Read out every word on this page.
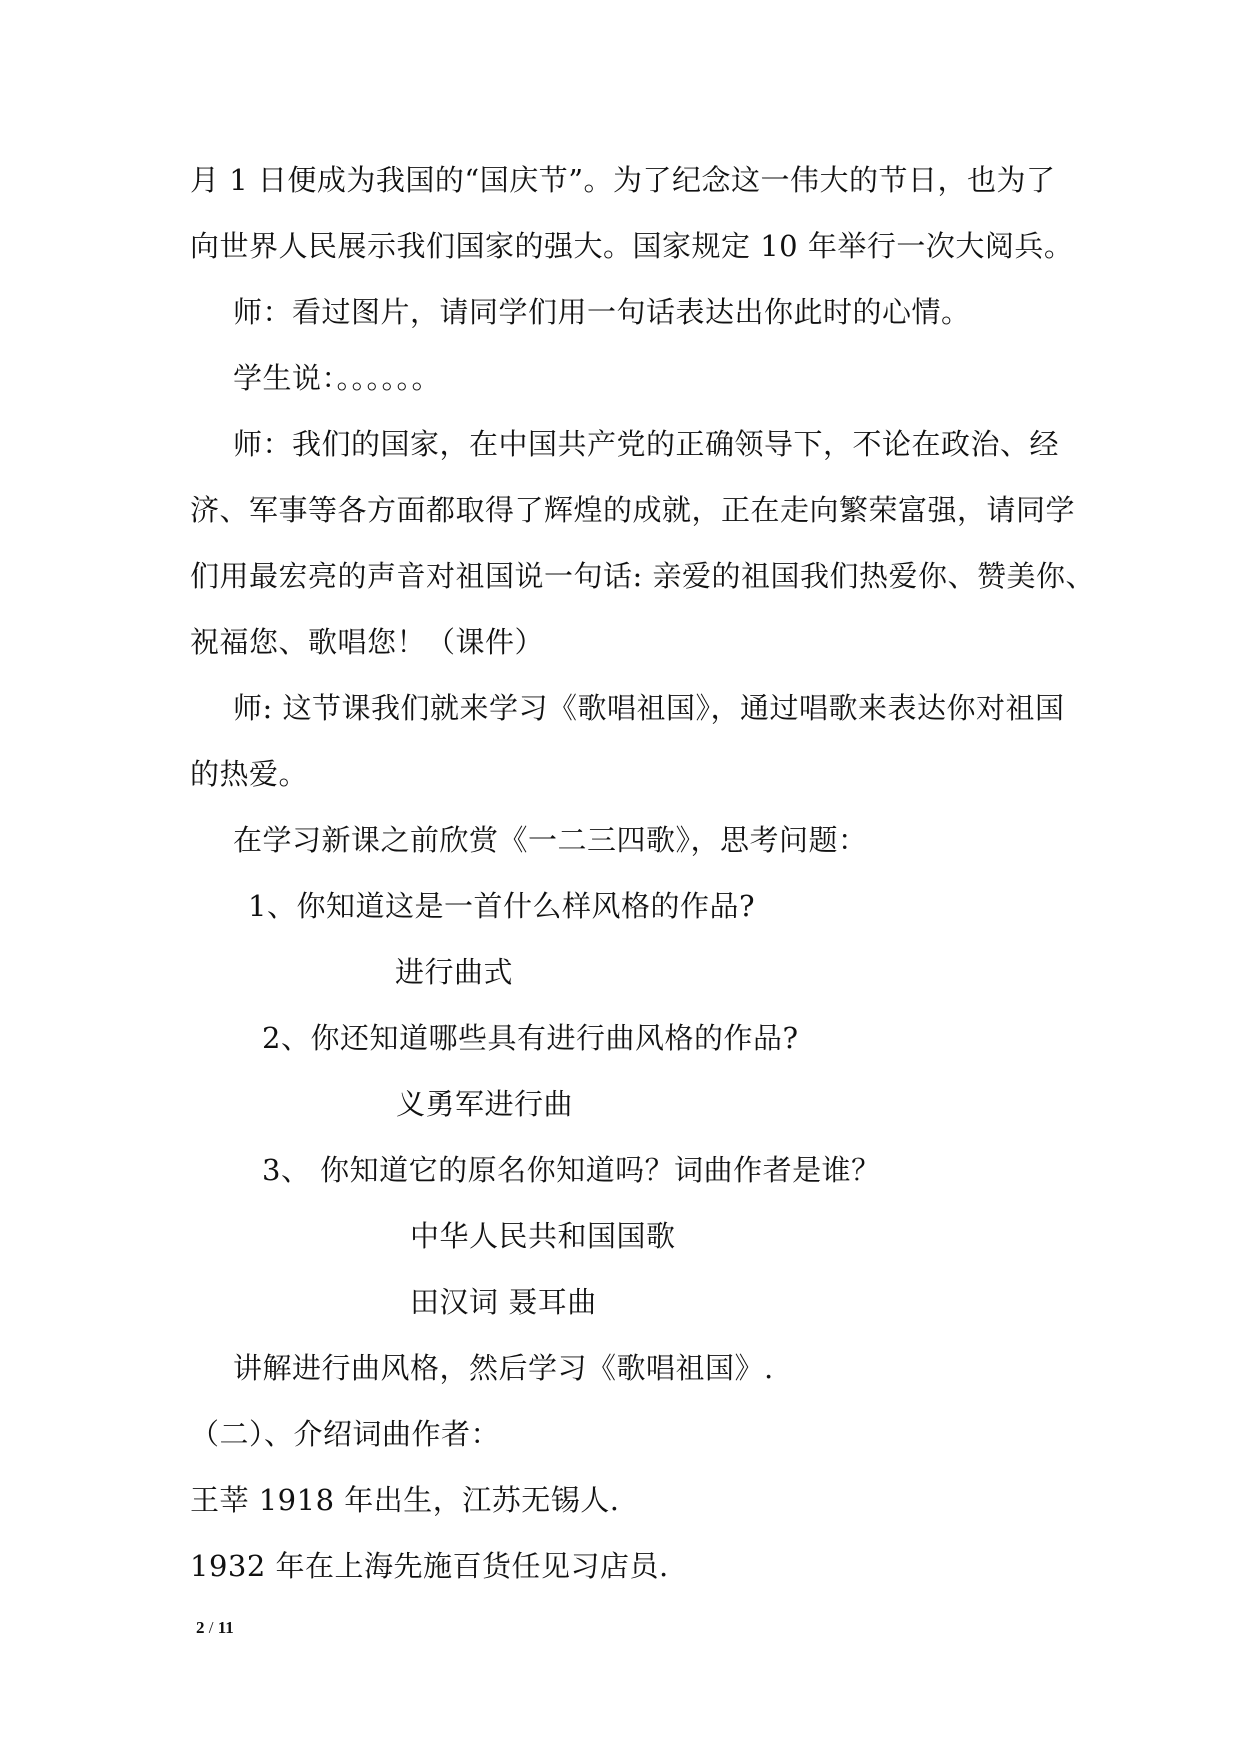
月 1 日便成为我国的“国庆节”。为了纪念这一伟大的节日，也为了
向世界人民展示我们国家的强大。国家规定 10 年举行一次大阅兵。
师：看过图片，请同学们用一句话表达出你此时的心情。
学生说：。。。。。。
师：我们的国家，在中国共产党的正确领导下，不论在政治、经
济、军事等各方面都取得了辉煌的成就，正在走向繁荣富强，请同学
们用最宏亮的声音对祖国说一句话: 亲爱的祖国我们热爱你、赞美你、
祝福您、歌唱您！（课件）
师: 这节课我们就来学习《歌唱祖国》，通过唱歌来表达你对祖国
的热爱。
在学习新课之前欣赏《一二三四歌》，思考问题：
1、你知道这是一首什么样风格的作品?
进行曲式
2、你还知道哪些具有进行曲风格的作品?
义勇军进行曲
3、 你知道它的原名你知道吗？词曲作者是谁？
中华人民共和国国歌
田汉词 聂耳曲
讲解进行曲风格，然后学习《歌唱祖国》.
（二）、介绍词曲作者：
王莘 1918 年出生，江苏无锡人.
1932 年在上海先施百货任见习店员.
2 / 11
